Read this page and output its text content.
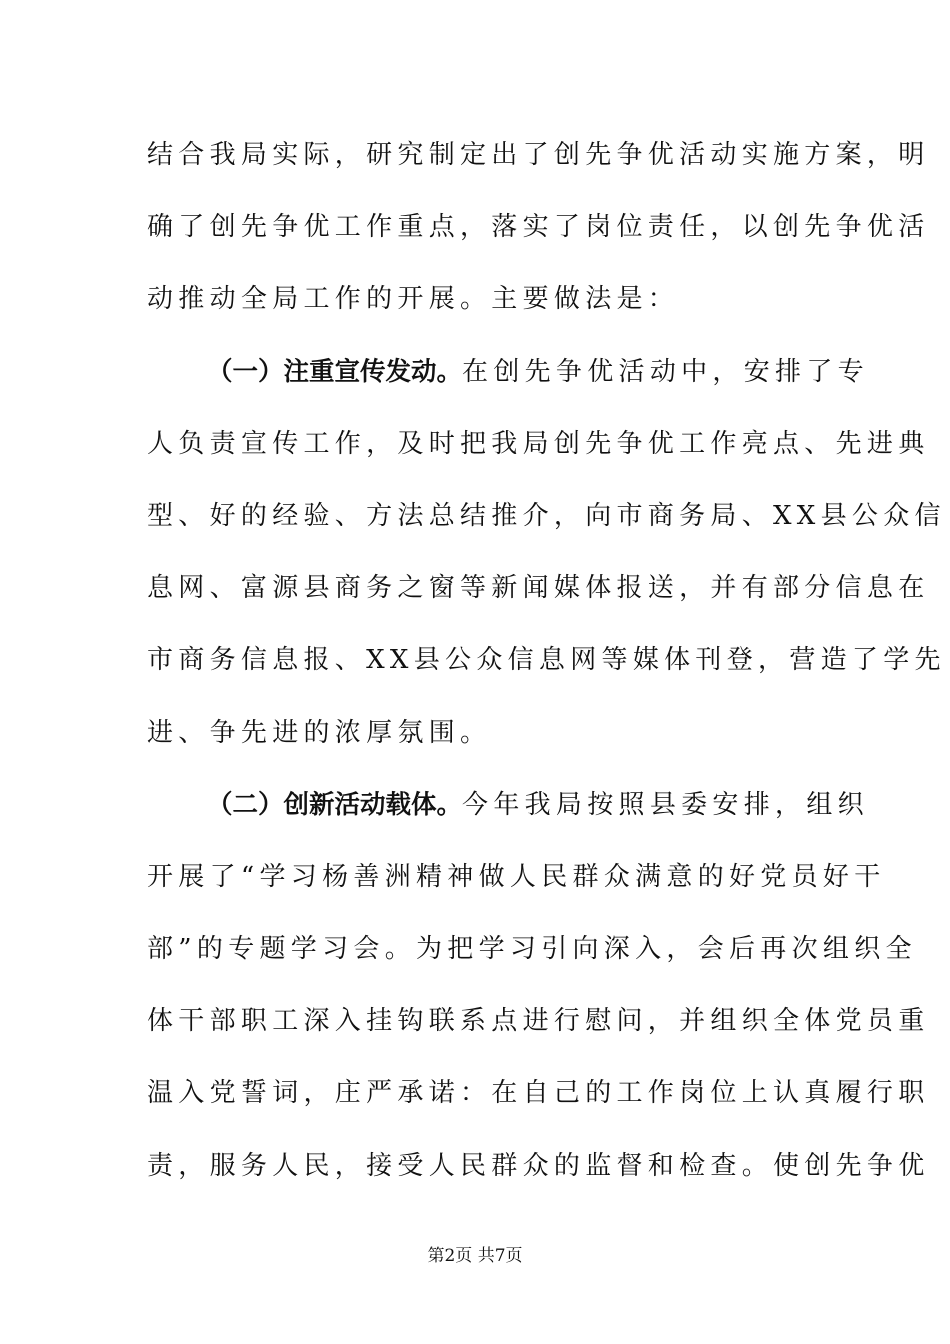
结合我局实际，研究制定出了创先争优活动实施方案，明
确了创先争优工作重点，落实了岗位责任，以创先争优活
动推动全局工作的开展。主要做法是：
（一）注重宣传发动。在创先争优活动中，安排了专
人负责宣传工作，及时把我局创先争优工作亮点、先进典
型、好的经验、方法总结推介，向市商务局、XX县公众信
息网、富源县商务之窗等新闻媒体报送，并有部分信息在
市商务信息报、XX县公众信息网等媒体刊登，营造了学先
进、争先进的浓厚氛围。
（二）创新活动载体。今年我局按照县委安排，组织
开展了“学习杨善洲精神做人民群众满意的好党员好干
部”的专题学习会。为把学习引向深入，会后再次组织全
体干部职工深入挂钩联系点进行慰问，并组织全体党员重
温入党誓词，庄严承诺：在自己的工作岗位上认真履行职
责，服务人民，接受人民群众的监督和检查。使创先争优
第2页 共7页
